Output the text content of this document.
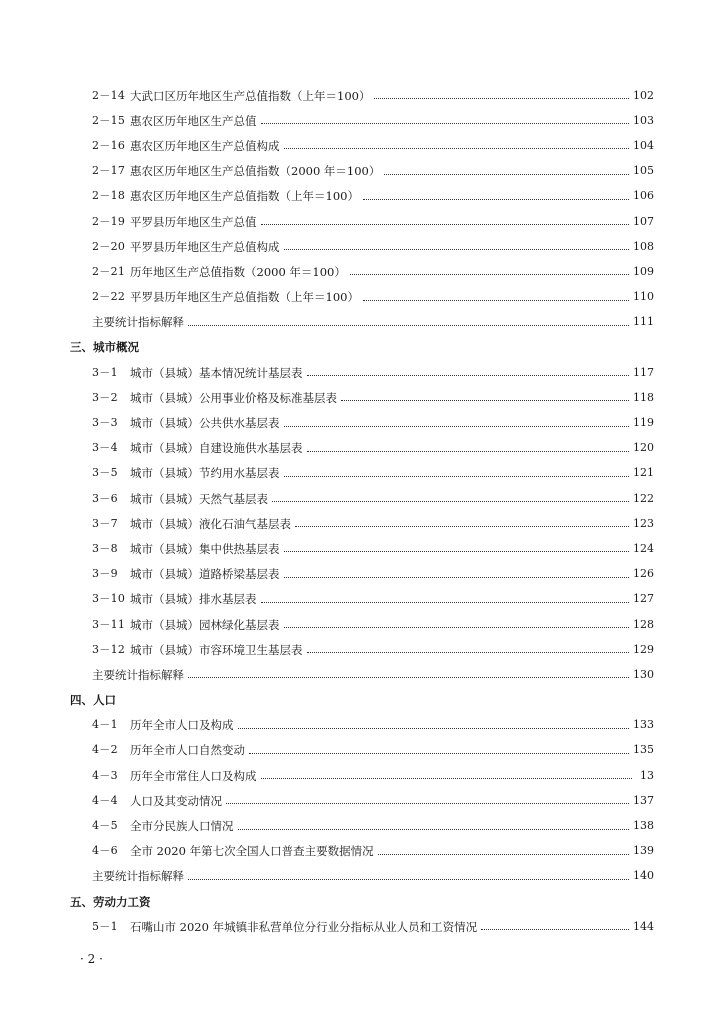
2－14 大武口区历年地区生产总值指数（上年＝100）	102
2－15 惠农区历年地区生产总值	103
2－16 惠农区历年地区生产总值构成	104
2－17 惠农区历年地区生产总值指数（2000 年＝100）	105
2－18 惠农区历年地区生产总值指数（上年＝100）	106
2－19 平罗县历年地区生产总值	107
2－20 平罗县历年地区生产总值构成	108
2－21 历年地区生产总值指数（2000 年＝100）	109
2－22 平罗县历年地区生产总值指数（上年＝100）	110
主要统计指标解释	111
三、城市概况
3－1	城市（县城）基本情况统计基层表	117
3－2	城市（县城）公用事业价格及标准基层表	118
3－3	城市（县城）公共供水基层表	119
3－4	城市（县城）自建设施供水基层表	120
3－5	城市（县城）节约用水基层表	121
3－6	城市（县城）天然气基层表	122
3－7	城市（县城）液化石油气基层表	123
3－8	城市（县城）集中供热基层表	124
3－9	城市（县城）道路桥梁基层表	126
3－10 城市（县城）排水基层表	127
3－11 城市（县城）园林绿化基层表	128
3－12 城市（县城）市容环境卫生基层表	129
主要统计指标解释	130
四、人口
4－1	历年全市人口及构成	133
4－2	历年全市人口自然变动	135
4－3	历年全市常住人口及构成	13
4－4	人口及其变动情况	137
4－5	全市分民族人口情况	138
4－6	全市 2020 年第七次全国人口普查主要数据情况	139
主要统计指标解释	140
五、劳动力工资
5－1	石嘴山市 2020 年城镇非私营单位分行业分指标从业人员和工资情况	144
· 2 ·
